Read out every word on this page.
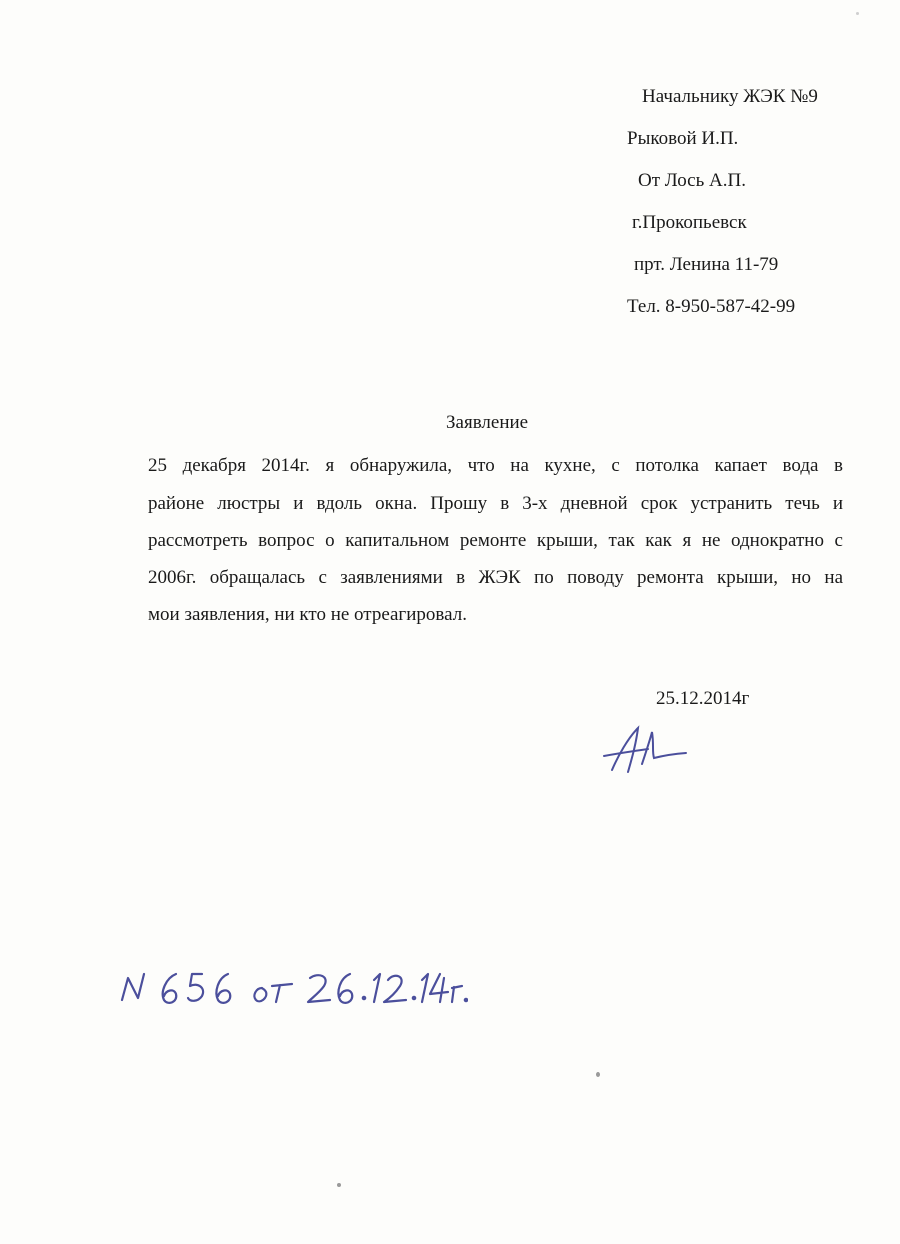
Начальнику ЖЭК №9
Рыковой И.П.
От Лось А.П.
г.Прокопьевск
прт. Ленина 11-79
Тел. 8-950-587-42-99
Заявление
25 декабря 2014г. я обнаружила, что на кухне, с потолка капает вода в
районе люстры и вдоль окна. Прошу в 3-х дневной срок устранить течь и
рассмотреть вопрос о капитальном ремонте крыши, так как я не однократно с
2006г. обращалась с заявлениями в ЖЭК по поводу ремонта крыши, но на
мои заявления, ни кто не отреагировал.
25.12.2014г
